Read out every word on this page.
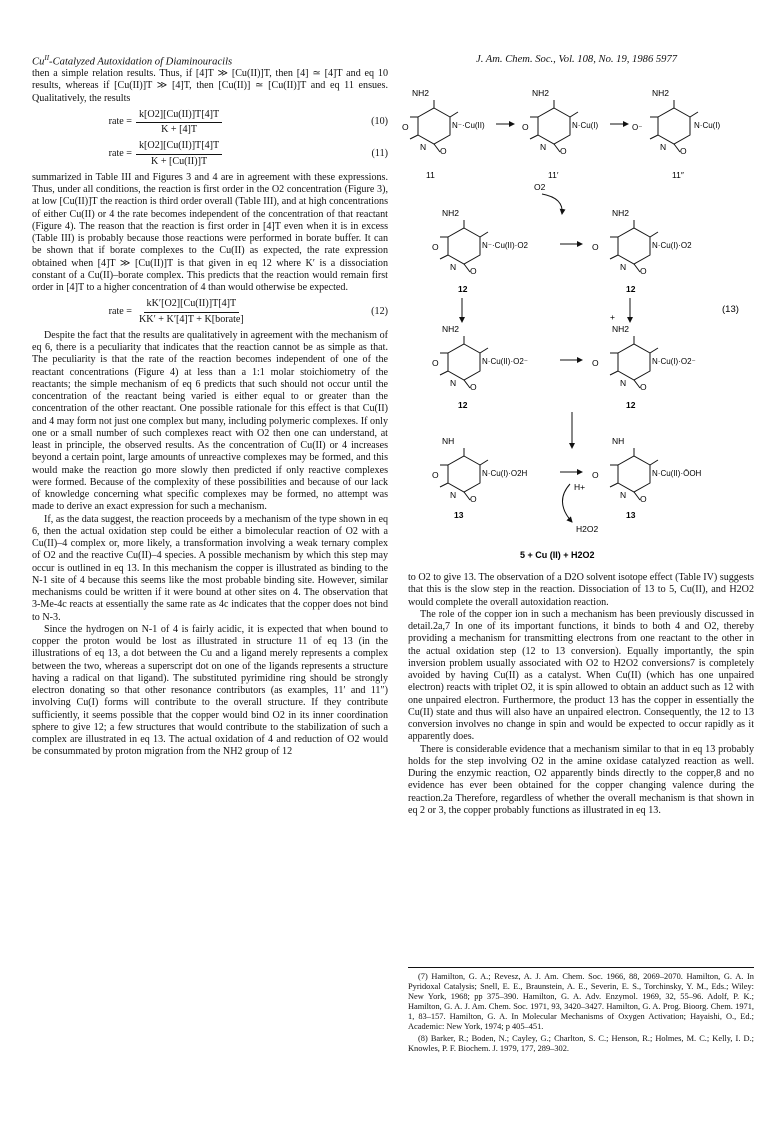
$Cu^{II}$-Catalyzed Autoxidation of Diaminouracils	J. Am. Chem. Soc., Vol. 108, No. 19, 1986 5977

then a simple relation results. Thus, if [4]T ≫ [Cu(II)]T, then [4] ≃ [4]T and eq 10 results, whereas if [Cu(II)]T ≫ [4]T, then [Cu(II)] ≃ [Cu(II)]T and eq 11 ensues. Qualitatively, the results

rate = $\frac{k[O2][Cu(II)]T[4]T}{K + [4]T}$	(10)
rate = $\frac{k[O2][Cu(II)]T[4]T}{K + [Cu(II)]T}$	(11)

summarized in Table III and Figures 3 and 4 are in agreement with these expressions. Thus, under all conditions, the reaction is first order in the O2 concentration (Figure 3), at low [Cu(II)]T the reaction is third order overall (Table III), and at high concentrations of either Cu(II) or 4 the rate becomes independent of the concentration of that reactant (Figure 4). The reason that the reaction is first order in [4]T even when it is in excess (Table III) is probably because those reactions were performed in borate buffer. It can be shown that if borate complexes to the Cu(II) as expected, the rate expression obtained when [4]T ≫ [Cu(II)]T is that given in eq 12 where K′ is a dissociation constant of a Cu(II)–borate complex. This predicts that the reaction would remain first order in [4]T to a higher concentration of 4 than would otherwise be expected.

rate = $\frac{kK'[O2][Cu(II)]T[4]T}{\text{KK′ + K′[4]T + K[borate]}}$	(12)

Despite the fact that the results are qualitatively in agreement with the mechanism of eq 6, there is a peculiarity that indicates that the reaction cannot be as simple as that. The peculiarity is that the rate of the reaction becomes independent of one of the reactant concentrations (Figure 4) at less than a 1:1 molar stoichiometry of the reactants; the simple mechanism of eq 6 predicts that such should not occur until the concentration of the reactant being varied is either equal to or greater than the concentration of the other reactant. One possible rationale for this effect is that Cu(II) and 4 may form not just one complex but many, including polymeric complexes. If only one or a small number of such complexes react with O2 then one can understand, at least in principle, the observed results. As the concentration of Cu(II) or 4 increases beyond a certain point, large amounts of unreactive complexes may be formed, and this would make the reaction go more slowly then predicted if only reactive complexes were formed. Because of the complexity of these possibilities and because of our lack of knowledge concerning what specific complexes may be formed, no attempt was made to derive an exact expression for such a mechanism.

If, as the data suggest, the reaction proceeds by a mechanism of the type shown in eq 6, then the actual oxidation step could be either a bimolecular reaction of O2 with a Cu(II)–4 complex or, more likely, a transformation involving a weak ternary complex of O2 and the reactive Cu(II)–4 species. A possible mechanism by which this step may occur is outlined in eq 13. In this mechanism the copper is illustrated as binding to the N-1 site of 4 because this seems like the most probable binding site. However, similar mechanisms could be written if it were bound at other sites on 4. The observation that 3-Me-4c reacts at essentially the same rate as 4c indicates that the copper does not bind to N-3.

Since the hydrogen on N-1 of 4 is fairly acidic, it is expected that when bound to copper the proton would be lost as illustrated in structure 11 of eq 13 (in the illustrations of eq 13, a dot between the Cu and a ligand merely represents a complex between the two, whereas a superscript dot on one of the ligands represents a structure having a radical on that ligand). The substituted pyrimidine ring should be strongly electron donating so that other resonance contributors (as examples, 11′ and 11″) involving Cu(I) forms will contribute to the overall structure. If they contribute sufficiently, it seems possible that the copper would bind O2 in its inner coordination sphere to give 12; a few structures that would contribute to the stabilization of such a complex are illustrated in eq 13. The actual oxidation of 4 and reduction of O2 would be consummated by proton migration from the NH2 group of 12

NH2
O
N O
N⁻·Cu(II)
11
NH2
O
N O
N·Cu(I)
11′
NH2
O⁻
N O
N·Cu(I)
11″
O2
NH2
O
N O
N⁻·Cu(II)·O2
12
NH2
O
N O
N·Cu(I)·O2
12
(13)
NH2
O
N O
N·Cu(II)·O2⁻
12
+
NH2
O
N O
N·Cu(I)·O2⁻
12
NH
O
N O
N·Cu(I)·O2H
13
NH
O
N O
N·Cu(II)·ŌOH
13
H+
H2O2
5 + Cu (II) + H2O2

to O2 to give 13. The observation of a D2O solvent isotope effect (Table IV) suggests that this is the slow step in the reaction. Dissociation of 13 to 5, Cu(II), and H2O2 would complete the overall autoxidation reaction.

The role of the copper ion in such a mechanism has been previously discussed in detail.2a,7 In one of its important functions, it binds to both 4 and O2, thereby providing a mechanism for transmitting electrons from one reactant to the other in the actual oxidation step (12 to 13 conversion). Equally importantly, the spin inversion problem usually associated with O2 to H2O2 conversions7 is completely avoided by having Cu(II) as a catalyst. When Cu(II) (which has one unpaired electron) reacts with triplet O2, it is spin allowed to obtain an adduct such as 12 with one unpaired electron. Furthermore, the product 13 has the copper in essentially the Cu(II) state and thus will also have an unpaired electron. Consequently, the 12 to 13 conversion involves no change in spin and would be expected to occur rapidly as it apparently does.

There is considerable evidence that a mechanism similar to that in eq 13 probably holds for the step involving O2 in the amine oxidase catalyzed reaction as well. During the enzymic reaction, O2 apparently binds directly to the copper,8 and no evidence has ever been obtained for the copper changing valence during the reaction.2a Therefore, regardless of whether the overall mechanism is that shown in eq 2 or 3, the copper probably functions as illustrated in eq 13.

(7) Hamilton, G. A.; Revesz, A. J. Am. Chem. Soc. 1966, 88, 2069–2070. Hamilton, G. A. In Pyridoxal Catalysis; Snell, E. E., Braunstein, A. E., Severin, E. S., Torchinsky, Y. M., Eds.; Wiley: New York, 1968; pp 375–390. Hamilton, G. A. Adv. Enzymol. 1969, 32, 55–96. Adolf, P. K.; Hamilton, G. A. J. Am. Chem. Soc. 1971, 93, 3420–3427. Hamilton, G. A. Prog. Bioorg. Chem. 1971, 1, 83–157. Hamilton, G. A. In Molecular Mechanisms of Oxygen Activation; Hayaishi, O., Ed.; Academic: New York, 1974; p 405–451.

(8) Barker, R.; Boden, N.; Cayley, G.; Charlton, S. C.; Henson, R.; Holmes, M. C.; Kelly, I. D.; Knowles, P. F. Biochem. J. 1979, 177, 289–302.
